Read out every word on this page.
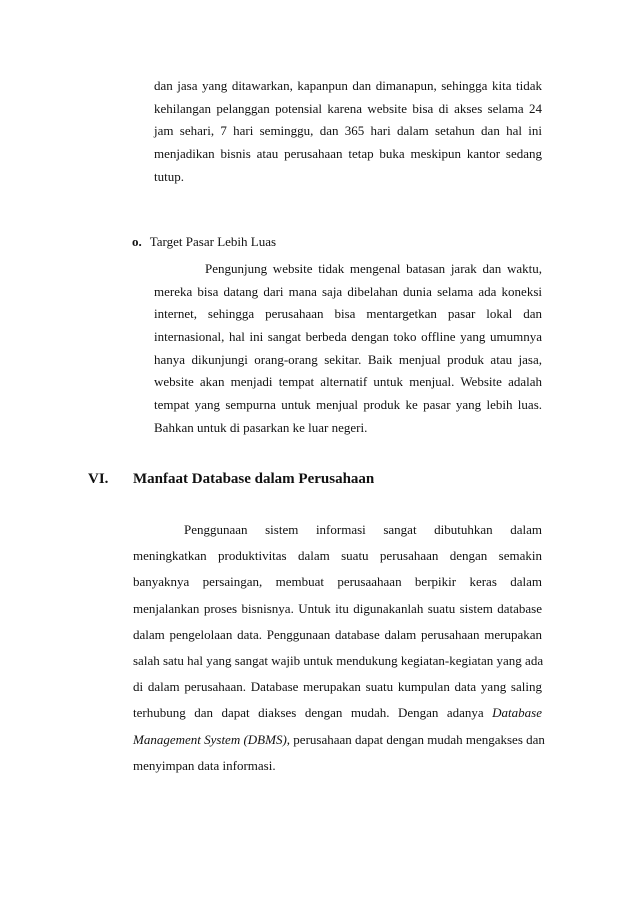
dan jasa yang ditawarkan, kapanpun dan dimanapun, sehingga kita tidak
kehilangan pelanggan potensial karena website bisa di akses selama 24
jam sehari, 7 hari seminggu, dan 365 hari dalam setahun dan hal ini
menjadikan bisnis atau perusahaan tetap buka meskipun kantor sedang
tutup.
o. Target Pasar Lebih Luas
Pengunjung website tidak mengenal batasan jarak dan waktu,
mereka bisa datang dari mana saja dibelahan dunia selama ada koneksi
internet, sehingga perusahaan bisa mentargetkan pasar lokal dan
internasional, hal ini sangat berbeda dengan toko offline yang umumnya
hanya dikunjungi orang-orang sekitar. Baik menjual produk atau jasa,
website akan menjadi tempat alternatif untuk menjual. Website adalah
tempat yang sempurna untuk menjual produk ke pasar yang lebih luas.
Bahkan untuk di pasarkan ke luar negeri.
VI. Manfaat Database dalam Perusahaan
Penggunaan sistem informasi sangat dibutuhkan dalam
meningkatkan produktivitas dalam suatu perusahaan dengan semakin
banyaknya persaingan, membuat perusaahaan berpikir keras dalam
menjalankan proses bisnisnya. Untuk itu digunakanlah suatu sistem database
dalam pengelolaan data. Penggunaan database dalam perusahaan merupakan
salah satu hal yang sangat wajib untuk mendukung kegiatan-kegiatan yang ada
di dalam perusahaan. Database merupakan suatu kumpulan data yang saling
terhubung dan dapat diakses dengan mudah. Dengan adanya Database
Management System (DBMS), perusahaan dapat dengan mudah mengakses dan
menyimpan data informasi.
